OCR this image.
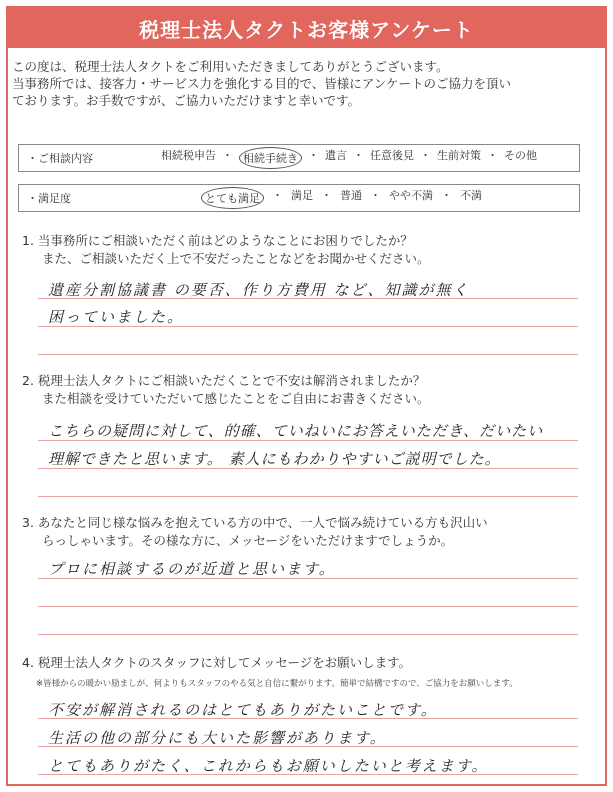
税理士法人タクトお客様アンケート
この度は、税理士法人タクトをご利用いただきましてありがとうございます。
当事務所では、接客力・サービス力を強化する目的で、皆様にアンケートのご協力を頂い
ております。お手数ですが、ご協力いただけますと幸いです。
・ご相談内容	相続税申告 ・ 相続手続き ・ 遺言 ・ 任意後見 ・ 生前対策 ・ その他
・満足度	とても満足	・ 満足 ・ 普通 ・ やや不満 ・ 不満
1. 当事務所にご相談いただく前はどのようなことにお困りでしたか？
また、ご相談いただく上で不安だったことなどをお聞かせください。
遺産分割協議書 の要否、作り方費用 など、知識が無く
困っていました。
2. 税理士法人タクトにご相談いただくことで不安は解消されましたか？
また相談を受けていただいて感じたことをご自由にお書きください。
こちらの疑問に対して、的確、ていねいにお答えいただき、だいたい
理解できたと思います。 素人にもわかりやすいご説明でした。
3. あなたと同じ様な悩みを抱えている方の中で、一人で悩み続けている方も沢山い
らっしゃいます。その様な方に、メッセージをいただけますでしょうか。
プロに相談するのが近道と思います。
4. 税理士法人タクトのスタッフに対してメッセージをお願いします。
※皆様からの暖かい励ましが、何よりもスタッフのやる気と自信に繋がります。簡単で結構ですので、ご協力をお願いします。
不安が解消されるのはとてもありがたいことです。
生活の他の部分にも大いた影響があります。
とてもありがたく、これからもお願いしたいと考えます。
